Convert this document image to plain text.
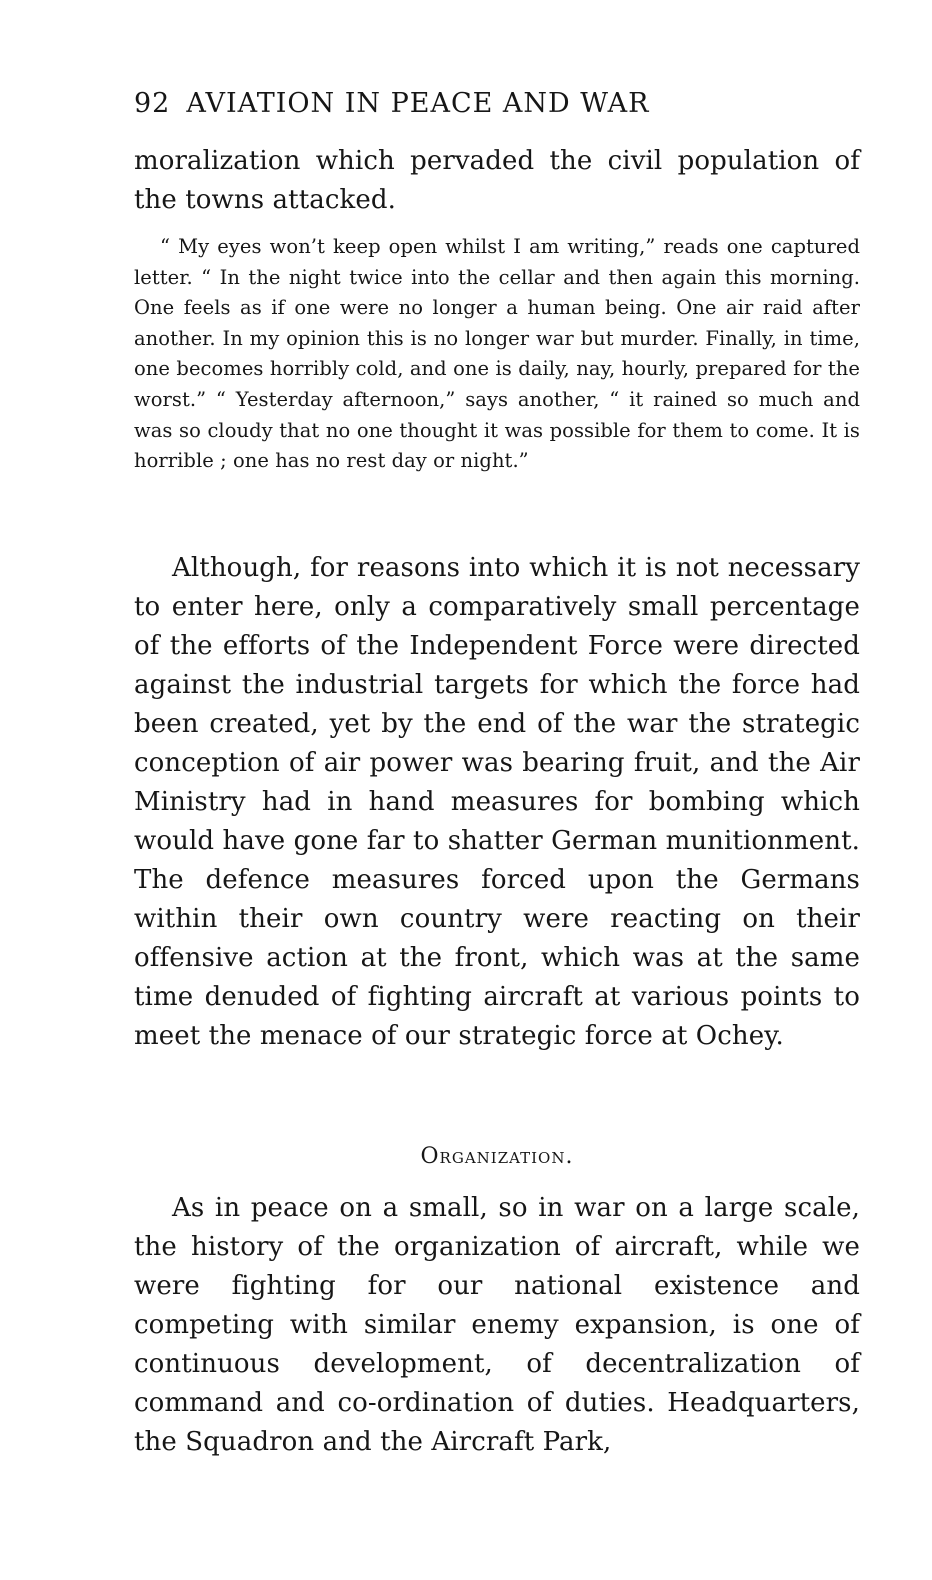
92 AVIATION IN PEACE AND WAR

moralization which pervaded the civil population of the towns attacked.

“ My eyes won’t keep open whilst I am writing,” reads one captured letter. “ In the night twice into the cellar and then again this morning. One feels as if one were no longer a human being. One air raid after another. In my opinion this is no longer war but murder. Finally, in time, one becomes horribly cold, and one is daily, nay, hourly, prepared for the worst.” “ Yesterday afternoon,” says another, “ it rained so much and was so cloudy that no one thought it was possible for them to come. It is horrible ; one has no rest day or night.”

Although, for reasons into which it is not necessary to enter here, only a comparatively small percentage of the efforts of the Independent Force were directed against the industrial targets for which the force had been created, yet by the end of the war the strategic conception of air power was bearing fruit, and the Air Ministry had in hand measures for bombing which would have gone far to shatter German munitionment. The defence measures forced upon the Germans within their own country were reacting on their offensive action at the front, which was at the same time denuded of fighting aircraft at various points to meet the menace of our strategic force at Ochey.

Organization.

As in peace on a small, so in war on a large scale, the history of the organization of aircraft, while we were fighting for our national existence and competing with similar enemy expansion, is one of continuous development, of decentralization of command and co-ordination of duties. Headquarters, the Squadron and the Aircraft Park,
